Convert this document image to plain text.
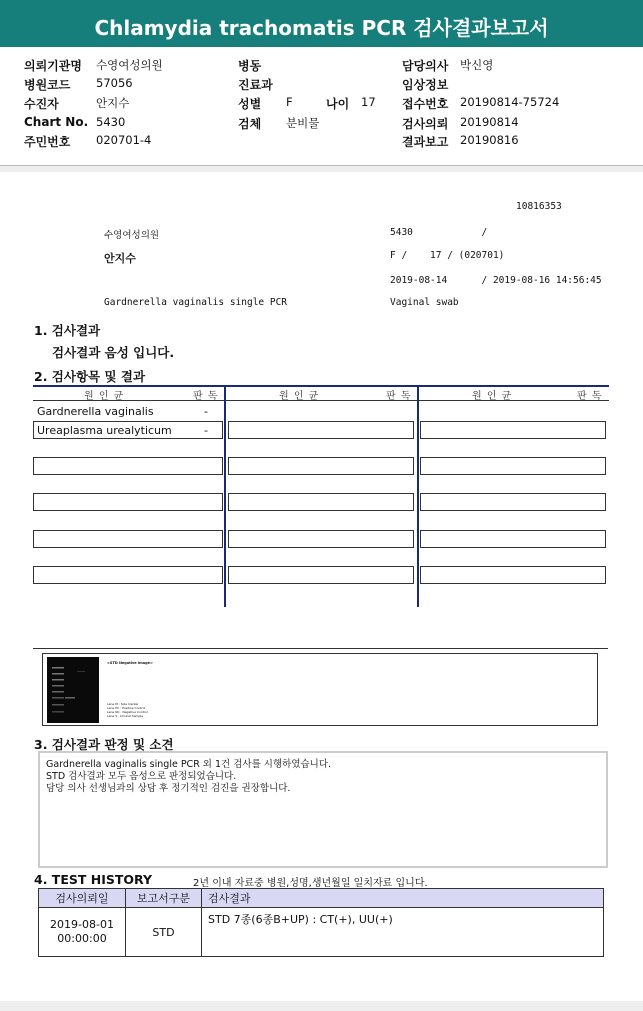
Chlamydia trachomatis PCR 검사결과보고서
의뢰기관명 수영여성의원
병원코드 57056
수진자	안지수
Chart No. 5430
주민번호 020701-4
병동
진료과
성별 F	나이 17
검체 분비물
담당의사 박신영
임상정보
접수번호 20190814-75724
검사의뢰 20190814
결과보고 20190816
10816353
수영여성의원	5430            /
안지수	F /    17 / (020701)
2019-08-14      / 2019-08-16 14:56:45
Gardnerella vaginalis single PCR	Vaginal swab
1. 검사결과
검사결과 음성 입니다.
2. 검사항목 및 결과
원 인 균	판 독	원 인 균	판 독	원 인 균	판 독
Gardnerella vaginalis	-
Ureaplasma urealyticum	-
<STD Negative image>
Lane M : Size marker
Lane PC : Positive Control
Lane NC : Negative Control
Lane S : Clinical Sample
3. 검사결과 판정 및 소견
Gardnerella vaginalis single PCR 외 1건 검사를 시행하였습니다.
STD 검사결과 모두 음성으로 판정되었습니다.
담당 의사 선생님과의 상담 후 정기적인 검진을 권장합니다.
4. TEST HISTORY	2년 이내 자료중 병원,성명,생년월일 일치자료 입니다.
검사의뢰일	보고서구분	검사결과

2019-08-01
00:00:00	STD	STD 7종(6종B+UP) : CT(+), UU(+)
